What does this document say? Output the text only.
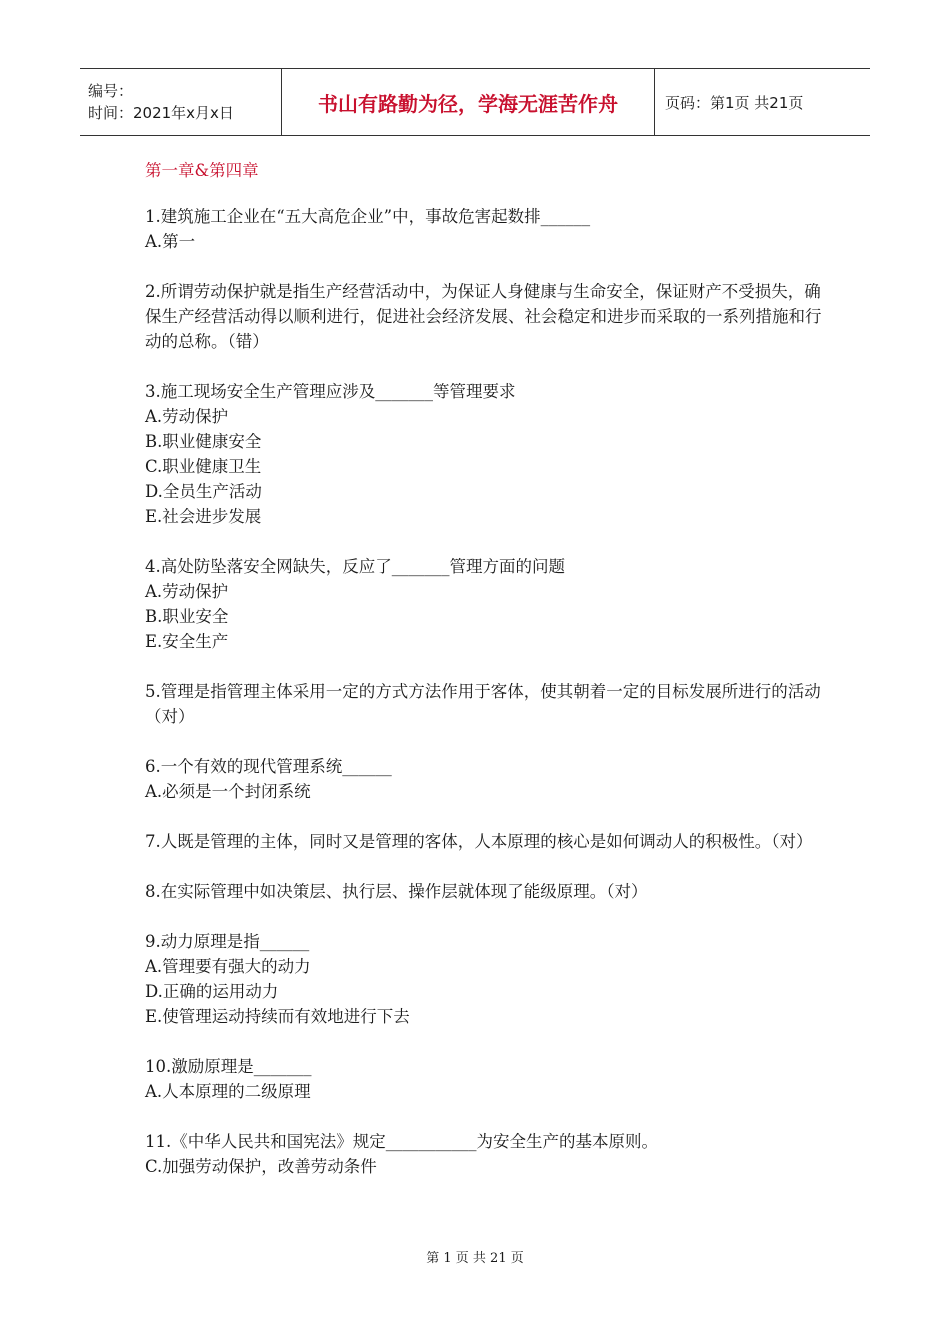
编号：
时间：2021年x月x日	书山有路勤为径，学海无涯苦作舟	页码：第1页 共21页
第一章&第四章
1.建筑施工企业在“五大高危企业”中，事故危害起数排______
A.第一
2.所谓劳动保护就是指生产经营活动中，为保证人身健康与生命安全，保证财产不受损失，确保生产经营活动得以顺利进行，促进社会经济发展、社会稳定和进步而采取的一系列措施和行动的总称。（错）
3.施工现场安全生产管理应涉及_______等管理要求
A.劳动保护
B.职业健康安全
C.职业健康卫生
D.全员生产活动
E.社会进步发展
4.高处防坠落安全网缺失，反应了_______管理方面的问题
A.劳动保护
B.职业安全
E.安全生产
5.管理是指管理主体采用一定的方式方法作用于客体，使其朝着一定的目标发展所进行的活动（对）
6.一个有效的现代管理系统______
A.必须是一个封闭系统
7.人既是管理的主体，同时又是管理的客体，人本原理的核心是如何调动人的积极性。（对）
8.在实际管理中如决策层、执行层、操作层就体现了能级原理。（对）
9.动力原理是指______
A.管理要有强大的动力
D.正确的运用动力
E.使管理运动持续而有效地进行下去
10.激励原理是_______
A.人本原理的二级原理
11.《中华人民共和国宪法》规定___________为安全生产的基本原则。
C.加强劳动保护，改善劳动条件
第 1 页 共 21 页
